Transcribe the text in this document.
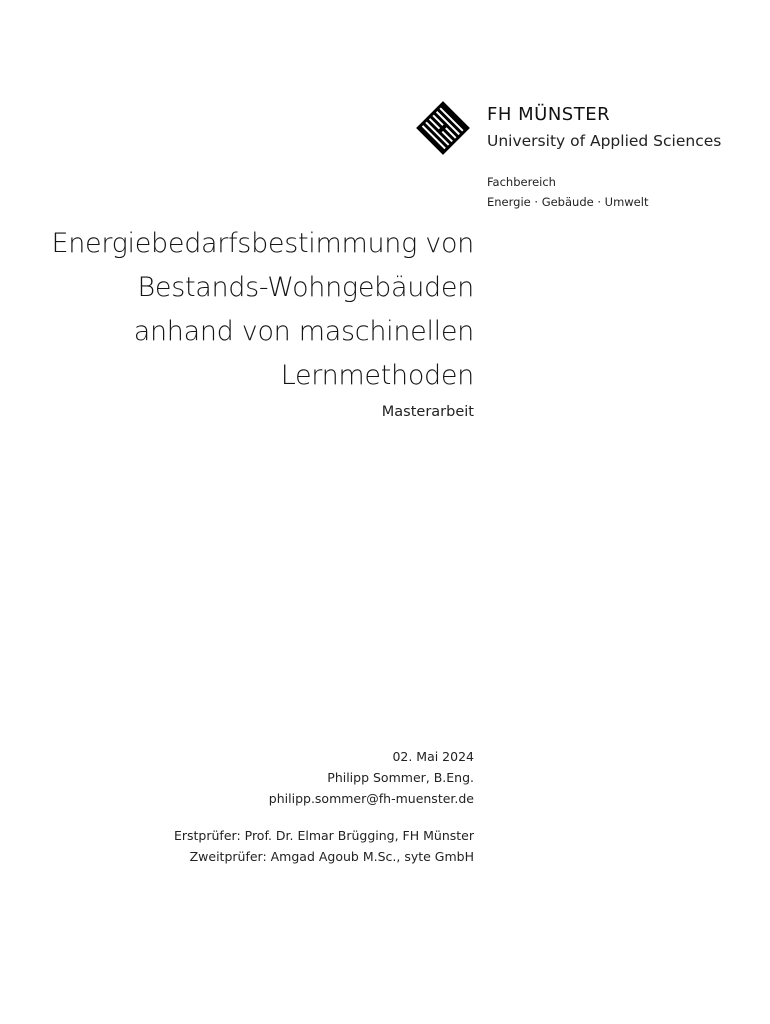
FH MÜNSTER
University of Applied Sciences
Fachbereich
Energie · Gebäude · Umwelt
Energiebedarfsbestimmung von
Bestands-Wohngebäuden
anhand von maschinellen
Lernmethoden
Masterarbeit
02. Mai 2024
Philipp Sommer, B.Eng.
philipp.sommer@fh-muenster.de
Erstprüfer: Prof. Dr. Elmar Brügging, FH Münster
Zweitprüfer: Amgad Agoub M.Sc., syte GmbH
